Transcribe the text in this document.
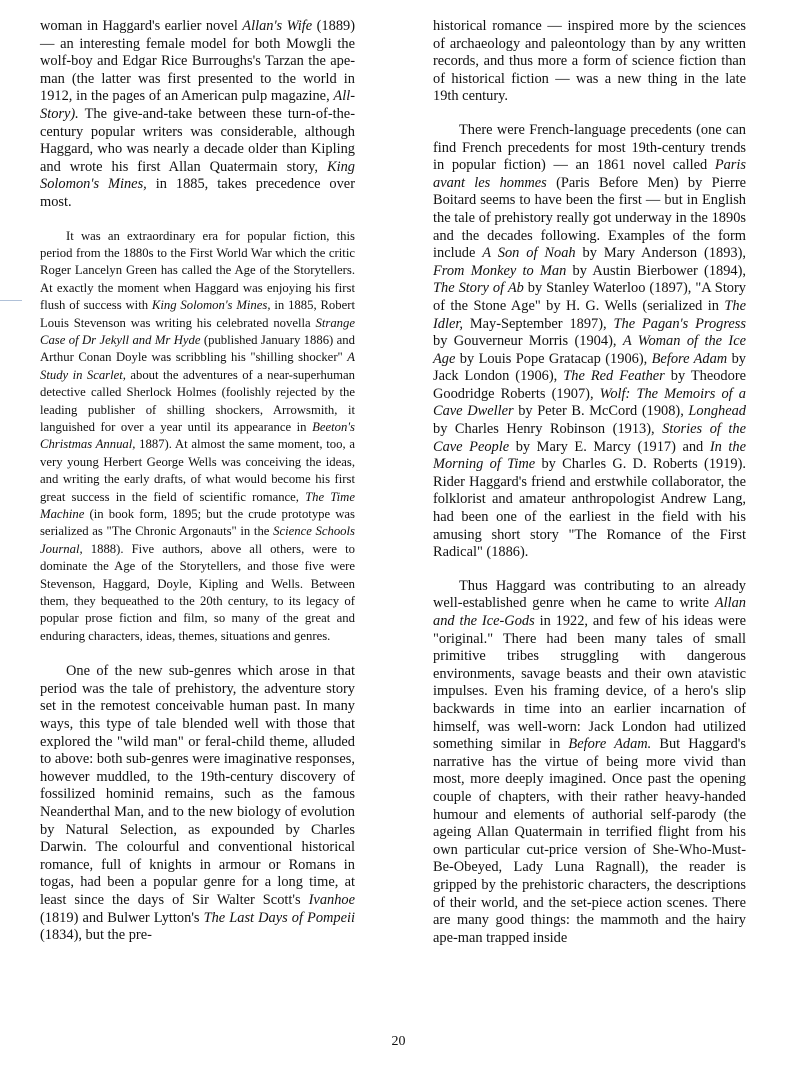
woman in Haggard's earlier novel Allan's Wife (1889) — an interesting female model for both Mowgli the wolf-boy and Edgar Rice Burroughs's Tarzan the ape-man (the latter was first presented to the world in 1912, in the pages of an American pulp magazine, All-Story). The give-and-take between these turn-of-the-century popular writers was considerable, although Haggard, who was nearly a decade older than Kipling and wrote his first Allan Quatermain story, King Solomon's Mines, in 1885, takes precedence over most.

It was an extraordinary era for popular fiction, this period from the 1880s to the First World War which the critic Roger Lancelyn Green has called the Age of the Storytellers. At exactly the moment when Haggard was enjoying his first flush of success with King Solomon's Mines, in 1885, Robert Louis Stevenson was writing his celebrated novella Strange Case of Dr Jekyll and Mr Hyde (published January 1886) and Arthur Conan Doyle was scribbling his "shilling shocker" A Study in Scarlet, about the adventures of a near-superhuman detective called Sherlock Holmes (foolishly rejected by the leading publisher of shilling shockers, Arrowsmith, it languished for over a year until its appearance in Beeton's Christmas Annual, 1887). At almost the same moment, too, a very young Herbert George Wells was conceiving the ideas, and writing the early drafts, of what would become his first great success in the field of scientific romance, The Time Machine (in book form, 1895; but the crude prototype was serialized as "The Chronic Argonauts" in the Science Schools Journal, 1888). Five authors, above all others, were to dominate the Age of the Storytellers, and those five were Stevenson, Haggard, Doyle, Kipling and Wells. Between them, they bequeathed to the 20th century, to its legacy of popular prose fiction and film, so many of the great and enduring characters, ideas, themes, situations and genres.

One of the new sub-genres which arose in that period was the tale of prehistory, the adventure story set in the remotest conceivable human past. In many ways, this type of tale blended well with those that explored the "wild man" or feral-child theme, alluded to above: both sub-genres were imaginative responses, however muddled, to the 19th-century discovery of fossilized hominid remains, such as the famous Neanderthal Man, and to the new biology of evolution by Natural Selection, as expounded by Charles Darwin. The colourful and conventional historical romance, full of knights in armour or Romans in togas, had been a popular genre for a long time, at least since the days of Sir Walter Scott's Ivanhoe (1819) and Bulwer Lytton's The Last Days of Pompeii (1834), but the pre-

historical romance — inspired more by the sciences of archaeology and paleontology than by any written records, and thus more a form of science fiction than of historical fiction — was a new thing in the late 19th century.

There were French-language precedents (one can find French precedents for most 19th-century trends in popular fiction) — an 1861 novel called Paris avant les hommes (Paris Before Men) by Pierre Boitard seems to have been the first — but in English the tale of prehistory really got underway in the 1890s and the decades following. Examples of the form include A Son of Noah by Mary Anderson (1893), From Monkey to Man by Austin Bierbower (1894), The Story of Ab by Stanley Waterloo (1897), "A Story of the Stone Age" by H. G. Wells (serialized in The Idler, May-September 1897), The Pagan's Progress by Gouverneur Morris (1904), A Woman of the Ice Age by Louis Pope Gratacap (1906), Before Adam by Jack London (1906), The Red Feather by Theodore Goodridge Roberts (1907), Wolf: The Memoirs of a Cave Dweller by Peter B. McCord (1908), Longhead by Charles Henry Robinson (1913), Stories of the Cave People by Mary E. Marcy (1917) and In the Morning of Time by Charles G. D. Roberts (1919). Rider Haggard's friend and erstwhile collaborator, the folklorist and amateur anthropologist Andrew Lang, had been one of the earliest in the field with his amusing short story "The Romance of the First Radical" (1886).

Thus Haggard was contributing to an already well-established genre when he came to write Allan and the Ice-Gods in 1922, and few of his ideas were "original." There had been many tales of small primitive tribes struggling with dangerous environments, savage beasts and their own atavistic impulses. Even his framing device, of a hero's slip backwards in time into an earlier incarnation of himself, was well-worn: Jack London had utilized something similar in Before Adam. But Haggard's narrative has the virtue of being more vivid than most, more deeply imagined. Once past the opening couple of chapters, with their rather heavy-handed humour and elements of authorial self-parody (the ageing Allan Quatermain in terrified flight from his own particular cut-price version of She-Who-Must-Be-Obeyed, Lady Luna Ragnall), the reader is gripped by the prehistoric characters, the descriptions of their world, and the set-piece action scenes. There are many good things: the mammoth and the hairy ape-man trapped inside

20
